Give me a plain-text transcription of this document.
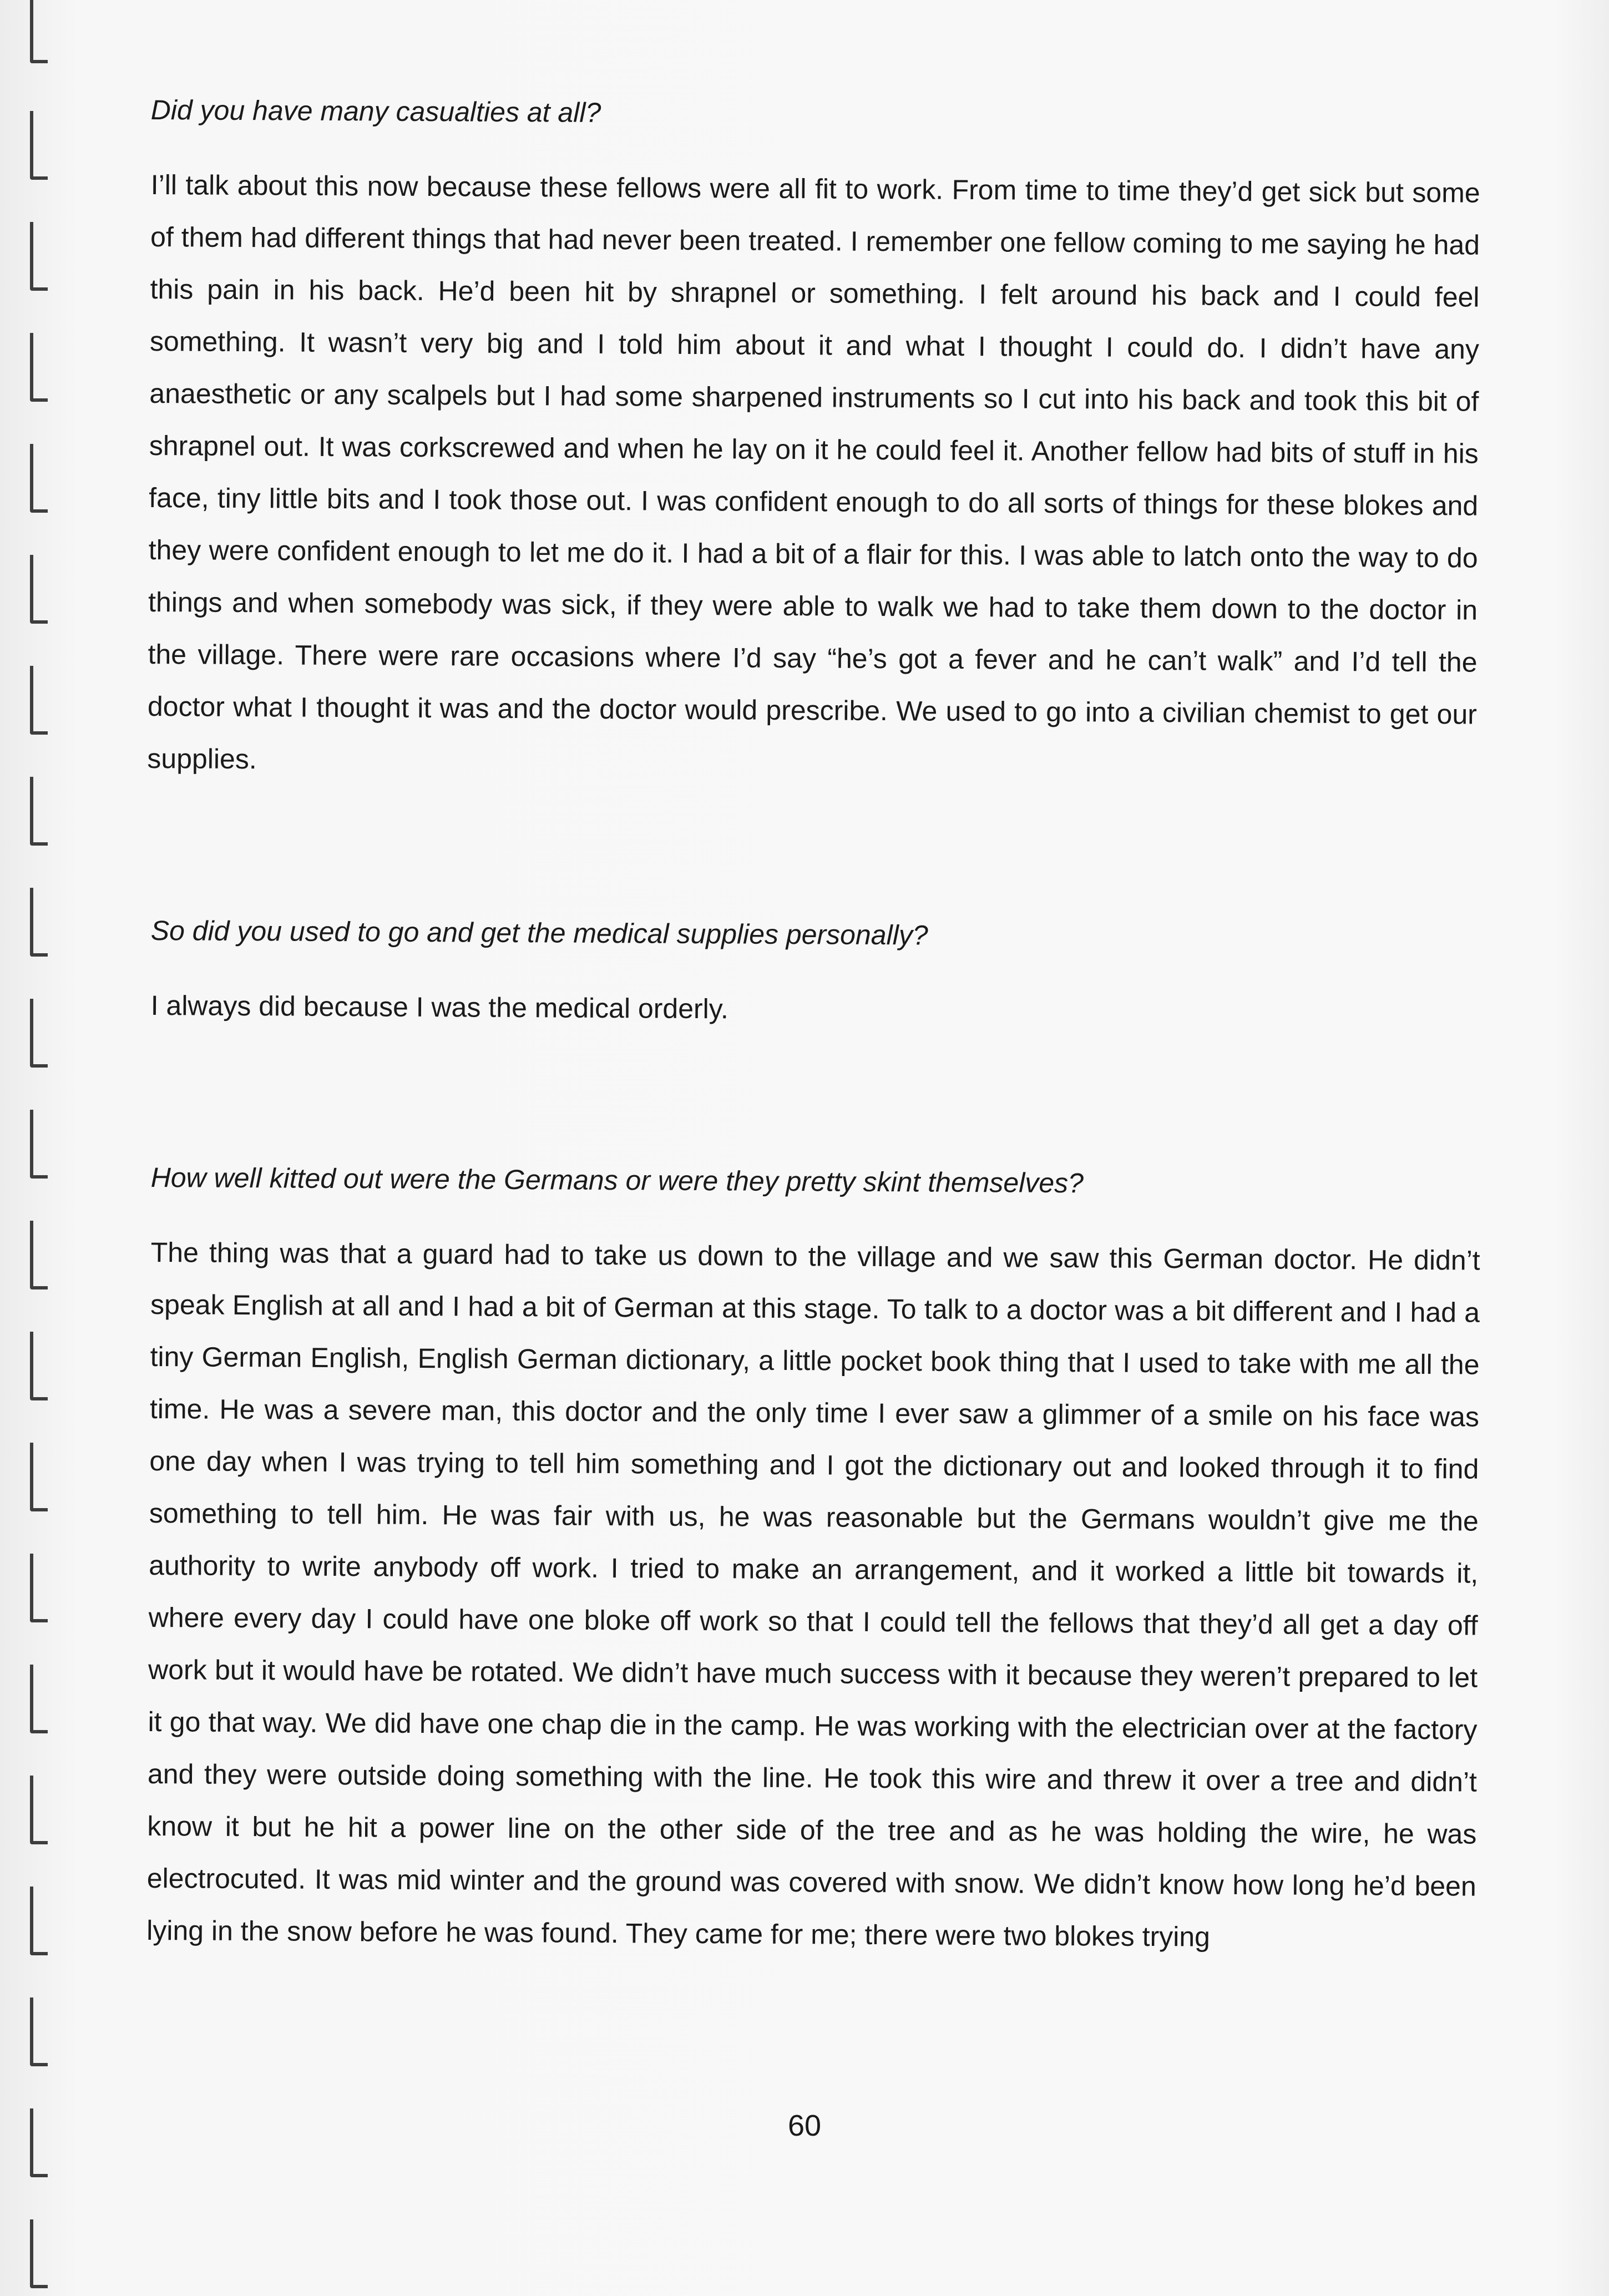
Did you have many casualties at all?

I’ll talk about this now because these fellows were all fit to work. From time to time they’d get sick but some of them had different things that had never been treated. I remember one fellow coming to me saying he had this pain in his back. He’d been hit by shrapnel or something. I felt around his back and I could feel something. It wasn’t very big and I told him about it and what I thought I could do. I didn’t have any anaesthetic or any scalpels but I had some sharpened instruments so I cut into his back and took this bit of shrapnel out. It was corkscrewed and when he lay on it he could feel it. Another fellow had bits of stuff in his face, tiny little bits and I took those out. I was confident enough to do all sorts of things for these blokes and they were confident enough to let me do it. I had a bit of a flair for this. I was able to latch onto the way to do things and when somebody was sick, if they were able to walk we had to take them down to the doctor in the village. There were rare occasions where I’d say “he’s got a fever and he can’t walk” and I’d tell the doctor what I thought it was and the doctor would prescribe. We used to go into a civilian chemist to get our supplies.

So did you used to go and get the medical supplies personally?

I always did because I was the medical orderly.

How well kitted out were the Germans or were they pretty skint themselves?

The thing was that a guard had to take us down to the village and we saw this German doctor. He didn’t speak English at all and I had a bit of German at this stage. To talk to a doctor was a bit different and I had a tiny German English, English German dictionary, a little pocket book thing that I used to take with me all the time. He was a severe man, this doctor and the only time I ever saw a glimmer of a smile on his face was one day when I was trying to tell him something and I got the dictionary out and looked through it to find something to tell him. He was fair with us, he was reasonable but the Germans wouldn’t give me the authority to write anybody off work. I tried to make an arrangement, and it worked a little bit towards it, where every day I could have one bloke off work so that I could tell the fellows that they’d all get a day off work but it would have be rotated. We didn’t have much success with it because they weren’t prepared to let it go that way. We did have one chap die in the camp. He was working with the electrician over at the factory and they were outside doing something with the line. He took this wire and threw it over a tree and didn’t know it but he hit a power line on the other side of the tree and as he was holding the wire, he was electrocuted. It was mid winter and the ground was covered with snow. We didn’t know how long he’d been lying in the snow before he was found. They came for me; there were two blokes trying

60
